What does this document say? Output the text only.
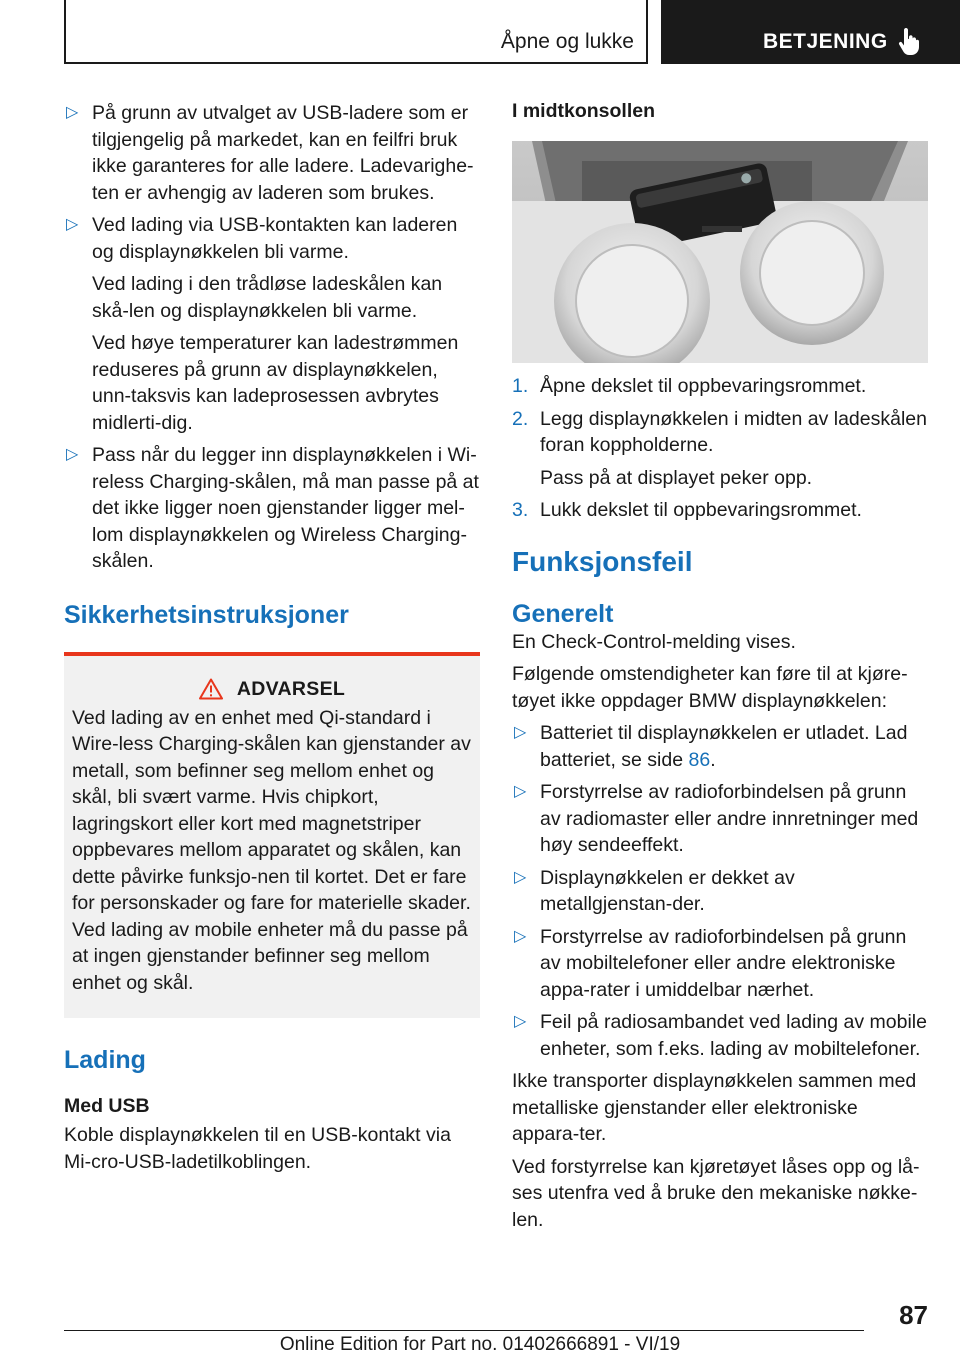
Åpne og lukke	BETJENING
▷ På grunn av utvalget av USB-ladere som er tilgjengelig på markedet, kan en feilfri bruk ikke garanteres for alle ladere. Ladevarighe-ten er avhengig av laderen som brukes.
▷ Ved lading via USB-kontakten kan laderen og displaynøkkelen bli varme.
Ved lading i den trådløse ladeskålen kan skå-len og displaynøkkelen bli varme.
Ved høye temperaturer kan ladestrømmen reduseres på grunn av displaynøkkelen, unn-taksvis kan ladeprosessen avbrytes midlerti-dig.
▷ Pass når du legger inn displaynøkkelen i Wi-reless Charging-skålen, må man passe på at det ikke ligger noen gjenstander ligger mel-lom displaynøkkelen og Wireless Charging-skålen.
Sikkerhetsinstruksjoner
ADVARSEL
Ved lading av en enhet med Qi-standard i Wire-less Charging-skålen kan gjenstander av metall, som befinner seg mellom enhet og skål, bli svært varme. Hvis chipkort, lagringskort eller kort med magnetstriper oppbevares mellom apparatet og skålen, kan dette påvirke funksjo-nen til kortet. Det er fare for personskader og fare for materielle skader. Ved lading av mobile enheter må du passe på at ingen gjenstander befinner seg mellom enhet og skål.
Lading
Med USB

Koble displaynøkkelen til en USB-kontakt via Mi-cro-USB-ladetilkoblingen.

I midtkonsollen
1. Åpne dekslet til oppbevaringsrommet.
2. Legg displaynøkkelen i midten av ladeskålen foran koppholderne.
Pass på at displayet peker opp.
3. Lukk dekslet til oppbevaringsrommet.
Funksjonsfeil
Generelt

En Check-Control-melding vises.

Følgende omstendigheter kan føre til at kjøre-tøyet ikke oppdager BMW displaynøkkelen:

▷ Batteriet til displaynøkkelen er utladet. Lad batteriet, se side 86.
▷ Forstyrrelse av radioforbindelsen på grunn av radiomaster eller andre innretninger med høy sendeeffekt.
▷ Displaynøkkelen er dekket av metallgjenstan-der.
▷ Forstyrrelse av radioforbindelsen på grunn av mobiltelefoner eller andre elektroniske appa-rater i umiddelbar nærhet.
▷ Feil på radiosambandet ved lading av mobile enheter, som f.eks. lading av mobiltelefoner.

Ikke transporter displaynøkkelen sammen med metalliske gjenstander eller elektroniske appara-ter.

Ved forstyrrelse kan kjøretøyet låses opp og lå-ses utenfra ved å bruke den mekaniske nøkke-len.

87
Online Edition for Part no. 01402666891 - VI/19
